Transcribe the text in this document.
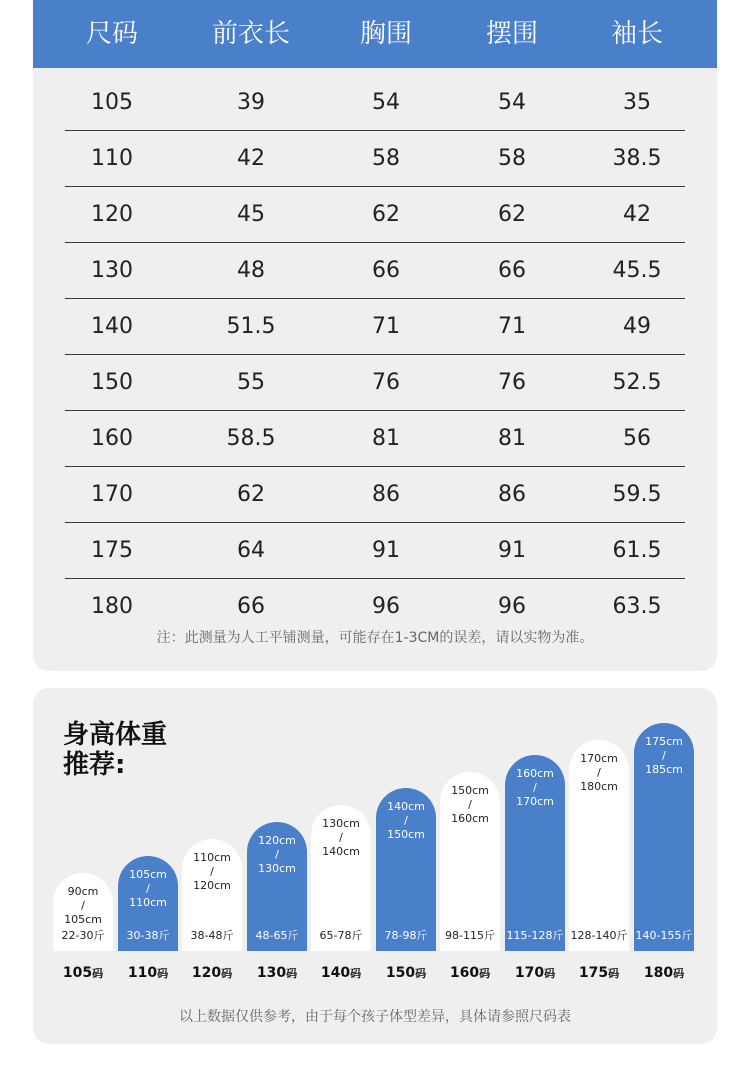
尺码	前衣长	胸围	摆围	袖长
105	39	54	54	35
110	42	58	58	38.5
120	45	62	62	42
130	48	66	66	45.5
140	51.5	71	71	49
150	55	76	76	52.5
160	58.5	81	81	56
170	62	86	86	59.5
175	64	91	91	61.5
180	66	96	96	63.5
注：此测量为人工平铺测量，可能存在1-3CM的误差，请以实物为准。
身高体重
推荐:
90cm
/
105cm
22-30斤
105码
105cm
/
110cm
30-38斤
110码
110cm
/
120cm
38-48斤
120码
120cm
/
130cm
48-65斤
130码
130cm
/
140cm
65-78斤
140码
140cm
/
150cm
78-98斤
150码
150cm
/
160cm
98-115斤
160码
160cm
/
170cm
115-128斤
170码
170cm
/
180cm
128-140斤
175码
175cm
/
185cm
140-155斤
180码
以上数据仅供参考，由于每个孩子体型差异，具体请参照尺码表
